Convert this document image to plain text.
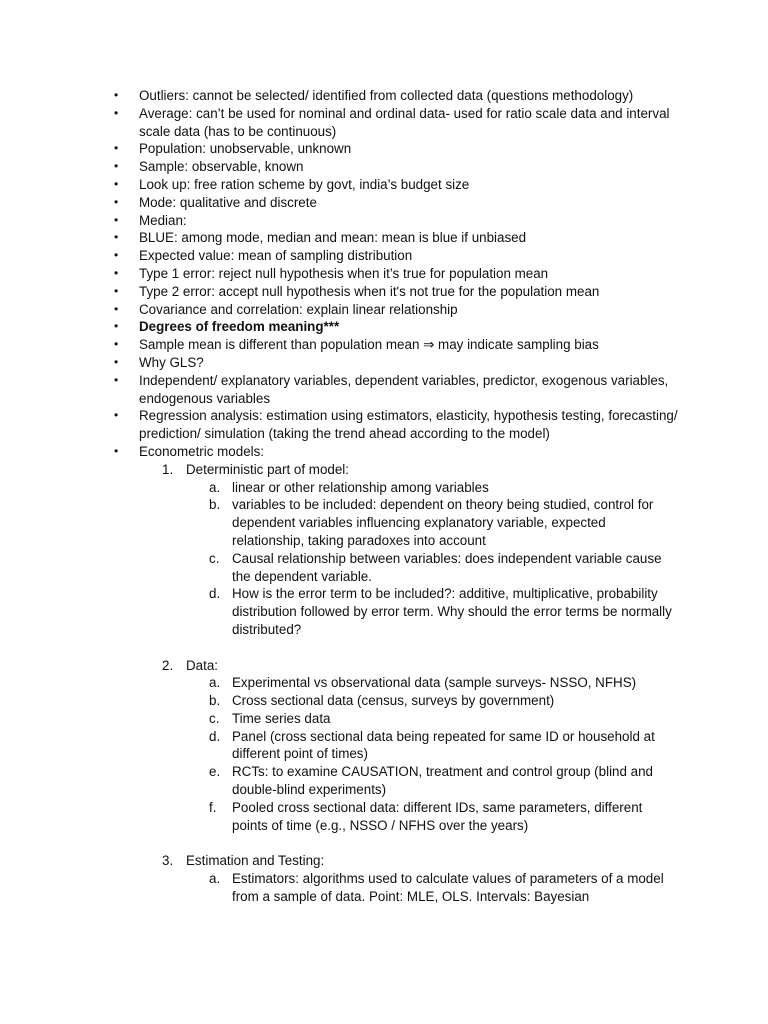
• Outliers: cannot be selected/ identified from collected data (questions methodology)
• Average: can’t be used for nominal and ordinal data- used for ratio scale data and interval scale data (has to be continuous)
• Population: unobservable, unknown
• Sample: observable, known
• Look up: free ration scheme by govt, india’s budget size
• Mode: qualitative and discrete
• Median:
• BLUE: among mode, median and mean: mean is blue if unbiased
• Expected value: mean of sampling distribution
• Type 1 error: reject null hypothesis when it’s true for population mean
• Type 2 error: accept null hypothesis when it's not true for the population mean
• Covariance and correlation: explain linear relationship
• Degrees of freedom meaning***
• Sample mean is different than population mean ⇒ may indicate sampling bias
• Why GLS?
• Independent/ explanatory variables, dependent variables, predictor, exogenous variables, endogenous variables
• Regression analysis: estimation using estimators, elasticity, hypothesis testing, forecasting/ prediction/ simulation (taking the trend ahead according to the model)
• Econometric models:
1. Deterministic part of model:
a. linear or other relationship among variables
b. variables to be included: dependent on theory being studied, control for dependent variables influencing explanatory variable, expected relationship, taking paradoxes into account
c. Causal relationship between variables: does independent variable cause the dependent variable.
d. How is the error term to be included?: additive, multiplicative, probability distribution followed by error term. Why should the error terms be normally distributed?
2. Data:
a. Experimental vs observational data (sample surveys- NSSO, NFHS)
b. Cross sectional data (census, surveys by government)
c. Time series data
d. Panel (cross sectional data being repeated for same ID or household at different point of times)
e. RCTs: to examine CAUSATION, treatment and control group (blind and double-blind experiments)
f. Pooled cross sectional data: different IDs, same parameters, different points of time (e.g., NSSO / NFHS over the years)
3. Estimation and Testing:
a. Estimators: algorithms used to calculate values of parameters of a model from a sample of data. Point: MLE, OLS. Intervals: Bayesian
